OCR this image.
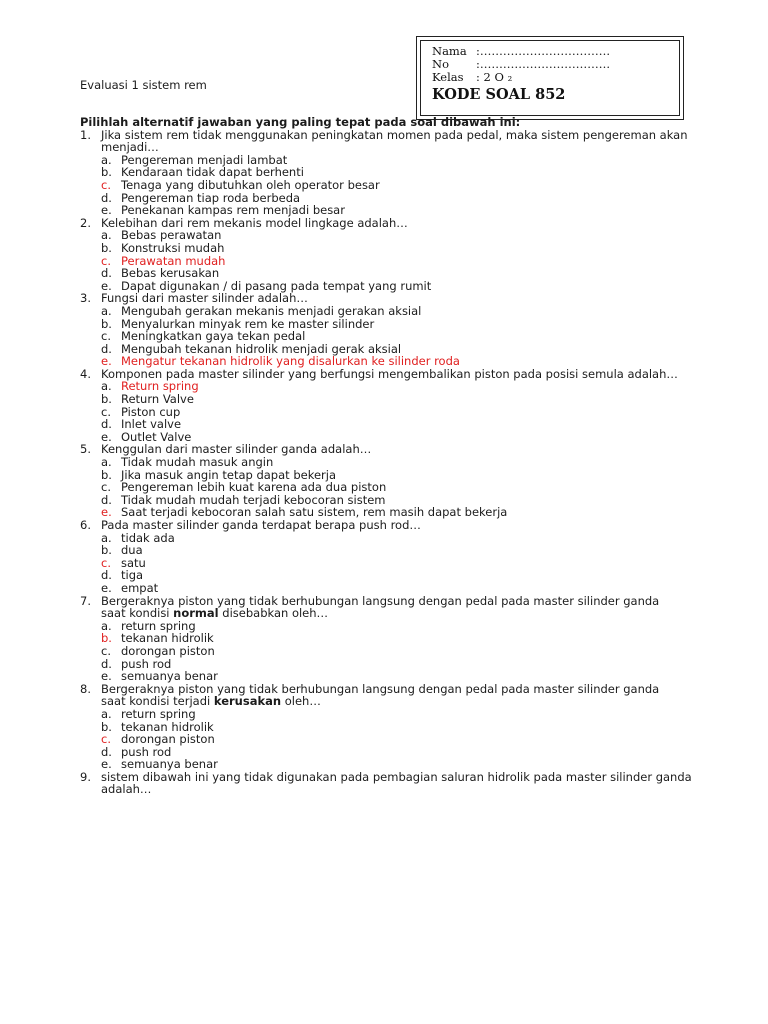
Nama :…………………………….
No :…………………………….
Kelas : 2 O ₂
KODE SOAL 852
Evaluasi 1 sistem rem
Pilihlah alternatif jawaban yang paling tepat pada soal dibawah ini:
1. Jika sistem rem tidak menggunakan peningkatan momen pada pedal, maka sistem pengereman akan menjadi…
a. Pengereman menjadi lambat
b. Kendaraan tidak dapat berhenti
c. Tenaga yang dibutuhkan oleh operator besar
d. Pengereman tiap roda berbeda
e. Penekanan kampas rem menjadi besar
2. Kelebihan dari rem mekanis model lingkage adalah…
a. Bebas perawatan
b. Konstruksi mudah
c. Perawatan mudah
d. Bebas kerusakan
e. Dapat digunakan / di pasang pada tempat yang rumit
3. Fungsi dari master silinder adalah…
a. Mengubah gerakan mekanis menjadi gerakan aksial
b. Menyalurkan minyak rem ke master silinder
c. Meningkatkan gaya tekan pedal
d. Mengubah tekanan hidrolik menjadi gerak aksial
e. Mengatur tekanan hidrolik yang disalurkan ke silinder roda
4. Komponen pada master silinder yang berfungsi mengembalikan piston pada posisi semula adalah…
a. Return spring
b. Return Valve
c. Piston cup
d. Inlet valve
e. Outlet Valve
5. Kenggulan dari master silinder ganda adalah…
a. Tidak mudah masuk angin
b. Jika masuk angin tetap dapat bekerja
c. Pengereman lebih kuat karena ada dua piston
d. Tidak mudah mudah terjadi kebocoran sistem
e. Saat terjadi kebocoran salah satu sistem, rem masih dapat bekerja
6. Pada master silinder ganda terdapat berapa push rod…
a. tidak ada
b. dua
c. satu
d. tiga
e. empat
7. Bergeraknya piston yang tidak berhubungan langsung dengan pedal pada master silinder ganda
saat kondisi normal disebabkan oleh…
a. return spring
b. tekanan hidrolik
c. dorongan piston
d. push rod
e. semuanya benar
8. Bergeraknya piston yang tidak berhubungan langsung dengan pedal pada master silinder ganda
saat kondisi terjadi kerusakan oleh…
a. return spring
b. tekanan hidrolik
c. dorongan piston
d. push rod
e. semuanya benar
9. sistem dibawah ini yang tidak digunakan pada pembagian saluran hidrolik pada master silinder ganda adalah…
